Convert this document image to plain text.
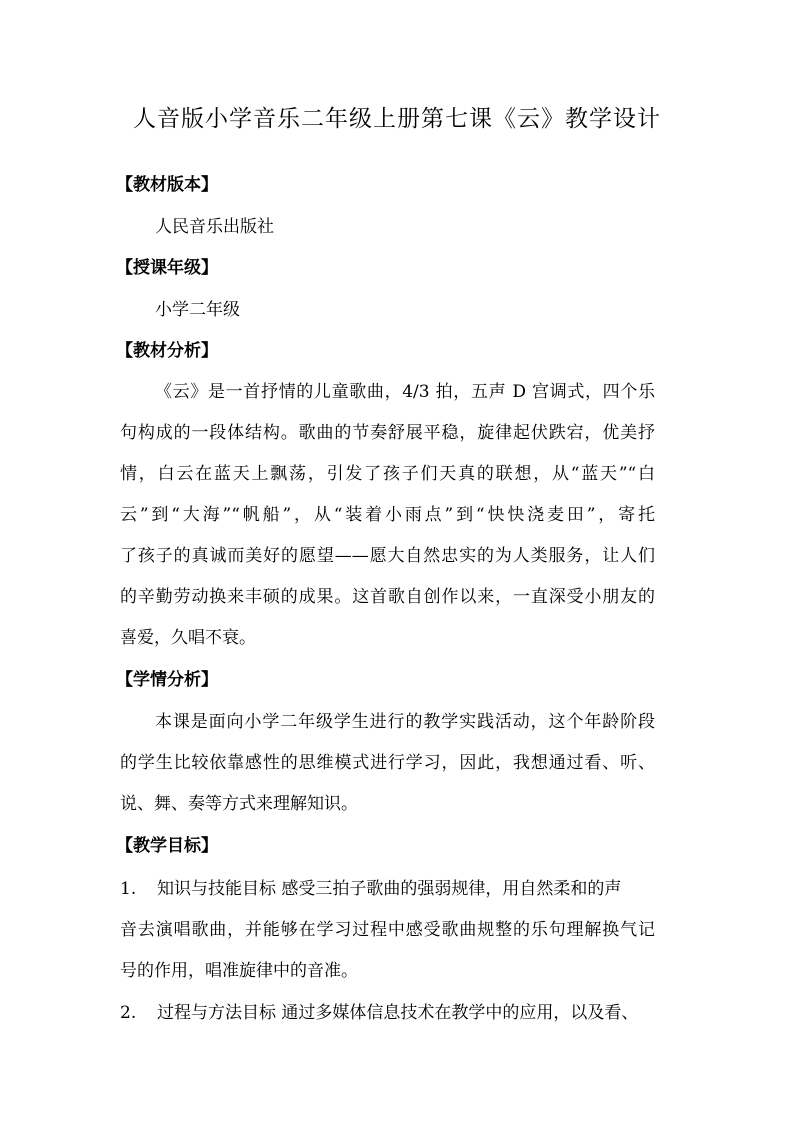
人音版小学音乐二年级上册第七课《云》教学设计
【教材版本】
人民音乐出版社
【授课年级】
小学二年级
【教材分析】
《云》是一首抒情的儿童歌曲，4/3 拍，五声 D 宫调式，四个乐
句构成的一段体结构。歌曲的节奏舒展平稳，旋律起伏跌宕，优美抒
情，白云在蓝天上飘荡，引发了孩子们天真的联想，从“蓝天”“白
云”到“大海”“帆船”，从“装着小雨点”到“快快浇麦田”，寄托
了孩子的真诚而美好的愿望——愿大自然忠实的为人类服务，让人们
的辛勤劳动换来丰硕的成果。这首歌自创作以来，一直深受小朋友的
喜爱，久唱不衰。
【学情分析】
本课是面向小学二年级学生进行的教学实践活动，这个年龄阶段
的学生比较依靠感性的思维模式进行学习，因此，我想通过看、听、
说、舞、奏等方式来理解知识。
【教学目标】
1. 知识与技能目标 感受三拍子歌曲的强弱规律，用自然柔和的声
音去演唱歌曲，并能够在学习过程中感受歌曲规整的乐句理解换气记
号的作用，唱准旋律中的音准。
2. 过程与方法目标 通过多媒体信息技术在教学中的应用，以及看、
